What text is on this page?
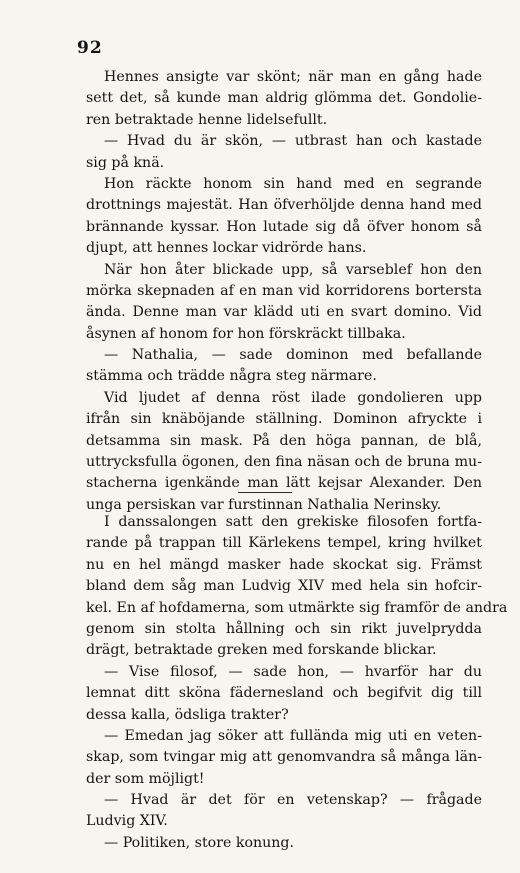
92
Hennes ansigte var skönt; när man en gång hade
sett det, så kunde man aldrig glömma det. Gondolie-
ren betraktade henne lidelsefullt.
— Hvad du är skön, — utbrast han och kastade
sig på knä.
Hon räckte honom sin hand med en segrande
drottnings majestät. Han öfverhöljde denna hand med
brännande kyssar. Hon lutade sig då öfver honom så
djupt, att hennes lockar vidrörde hans.
När hon åter blickade upp, så varseblef hon den
mörka skepnaden af en man vid korridorens bortersta
ända. Denne man var klädd uti en svart domino. Vid
åsynen af honom for hon förskräckt tillbaka.
— Nathalia, — sade dominon med befallande
stämma och trädde några steg närmare.
Vid ljudet af denna röst ilade gondolieren upp
ifrån sin knäböjande ställning. Dominon afryckte i
detsamma sin mask. På den höga pannan, de blå,
uttrycksfulla ögonen, den fina näsan och de bruna mu-
stacherna igenkände man lätt kejsar Alexander. Den
unga persiskan var furstinnan Nathalia Nerinsky.
I danssalongen satt den grekiske filosofen fortfa-
rande på trappan till Kärlekens tempel, kring hvilket
nu en hel mängd masker hade skockat sig. Främst
bland dem såg man Ludvig XIV med hela sin hofcir-
kel. En af hofdamerna, som utmärkte sig framför de andra
genom sin stolta hållning och sin rikt juvelprydda
drägt, betraktade greken med forskande blickar.
— Vise filosof, — sade hon, — hvarför har du
lemnat ditt sköna fädernesland och begifvit dig till
dessa kalla, ödsliga trakter?
— Emedan jag söker att fullända mig uti en veten-
skap, som tvingar mig att genomvandra så många län-
der som möjligt!
— Hvad är det för en vetenskap? — frågade
Ludvig XIV.
— Politiken, store konung.
